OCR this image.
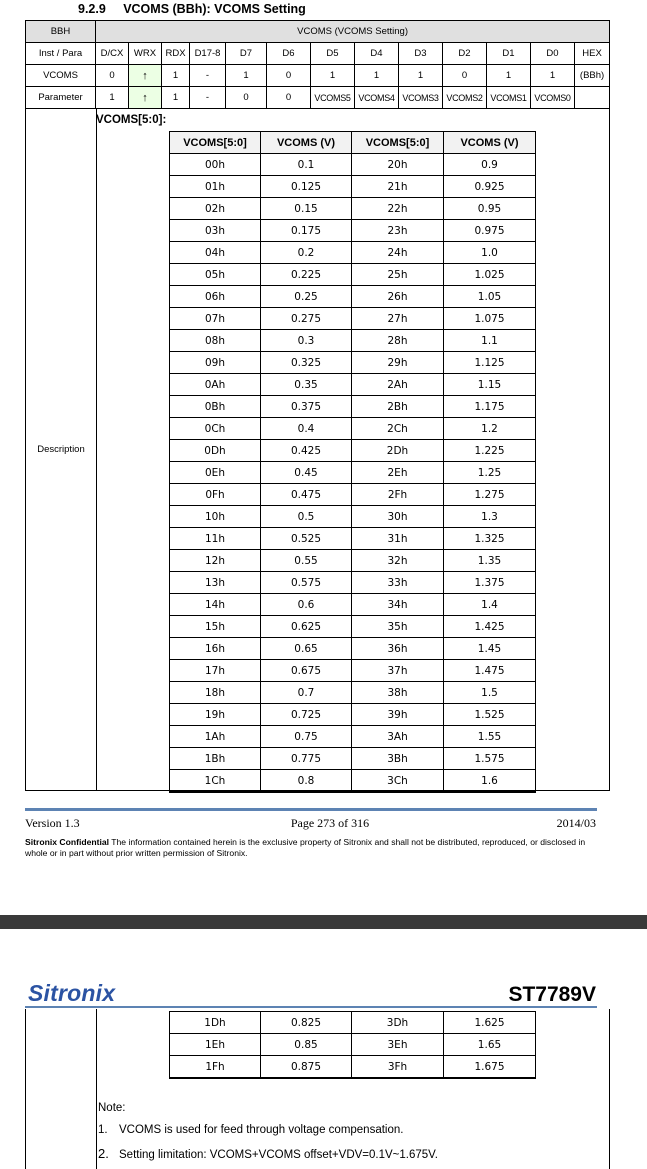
9.2.9 VCOMS (BBh): VCOMS Setting
BBH	VCOMS (VCOMS Setting)												
Inst / Para	D/CX	WRX	RDX	D17-8	D7	D6	D5	D4	D3	D2	D1	D0	HEX
VCOMS	0	↑	1	-	1	0	1	1	1	0	1	1	(BBh)
Parameter	1	↑	1	-	0	0	VCOMS5	VCOMS4	VCOMS3	VCOMS2	VCOMS1	VCOMS0	
Description
VCOMS[5:0]:
VCOMS[5:0]	VCOMS (V)	VCOMS[5:0]	VCOMS (V)
00h	0.1	20h	0.9
01h	0.125	21h	0.925
02h	0.15	22h	0.95
03h	0.175	23h	0.975
04h	0.2	24h	1.0
05h	0.225	25h	1.025
06h	0.25	26h	1.05
07h	0.275	27h	1.075
08h	0.3	28h	1.1
09h	0.325	29h	1.125
0Ah	0.35	2Ah	1.15
0Bh	0.375	2Bh	1.175
0Ch	0.4	2Ch	1.2
0Dh	0.425	2Dh	1.225
0Eh	0.45	2Eh	1.25
0Fh	0.475	2Fh	1.275
10h	0.5	30h	1.3
11h	0.525	31h	1.325
12h	0.55	32h	1.35
13h	0.575	33h	1.375
14h	0.6	34h	1.4
15h	0.625	35h	1.425
16h	0.65	36h	1.45
17h	0.675	37h	1.475
18h	0.7	38h	1.5
19h	0.725	39h	1.525
1Ah	0.75	3Ah	1.55
1Bh	0.775	3Bh	1.575
1Ch	0.8	3Ch	1.6
Version 1.3	Page 273 of 316	2014/03
Sitronix Confidential The information contained herein is the exclusive property of Sitronix and shall not be distributed, reproduced, or disclosed in whole or in part without prior written permission of Sitronix.
Sitronix	ST7789V
1Dh	0.825	3Dh	1.625
1Eh	0.85	3Eh	1.65
1Fh	0.875	3Fh	1.675
Note:
1. VCOMS is used for feed through voltage compensation.
2. Setting limitation: VCOMS+VCOMS offset+VDV=0.1V~1.675V.
